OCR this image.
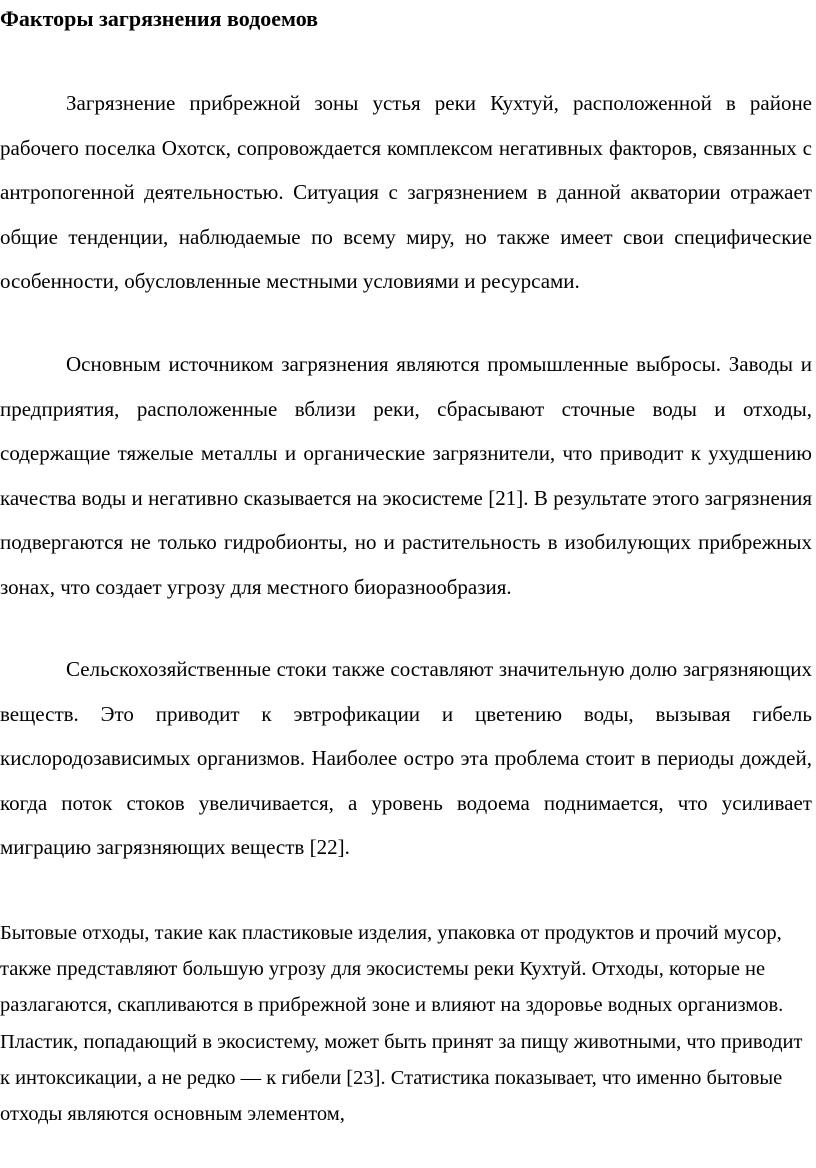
Факторы загрязнения водоемов

Загрязнение прибрежной зоны устья реки Кухтуй, расположенной в районе рабочего поселка Охотск, сопровождается комплексом негативных факторов, связанных с антропогенной деятельностью. Ситуация с загрязнением в данной акватории отражает общие тенденции, наблюдаемые по всему миру, но также имеет свои специфические особенности, обусловленные местными условиями и ресурсами.

Основным источником загрязнения являются промышленные выбросы. Заводы и предприятия, расположенные вблизи реки, сбрасывают сточные воды и отходы, содержащие тяжелые металлы и органические загрязнители, что приводит к ухудшению качества воды и негативно сказывается на экосистеме [21]. В результате этого загрязнения подвергаются не только гидробионты, но и растительность в изобилующих прибрежных зонах, что создает угрозу для местного биоразнообразия.

Сельскохозяйственные стоки также составляют значительную долю загрязняющих веществ. Это приводит к эвтрофикации и цветению воды, вызывая гибель кислородозависимых организмов. Наиболее остро эта проблема стоит в периоды дождей, когда поток стоков увеличивается, а уровень водоема поднимается, что усиливает миграцию загрязняющих веществ [22].

Бытовые отходы, такие как пластиковые изделия, упаковка от продуктов и прочий мусор, также представляют большую угрозу для экосистемы реки Кухтуй. Отходы, которые не разлагаются, скапливаются в прибрежной зоне и влияют на здоровье водных организмов. Пластик, попадающий в экосистему, может быть принят за пищу животными, что приводит к интоксикации, а не редко — к гибели [23]. Статистика показывает, что именно бытовые отходы являются основным элементом,
